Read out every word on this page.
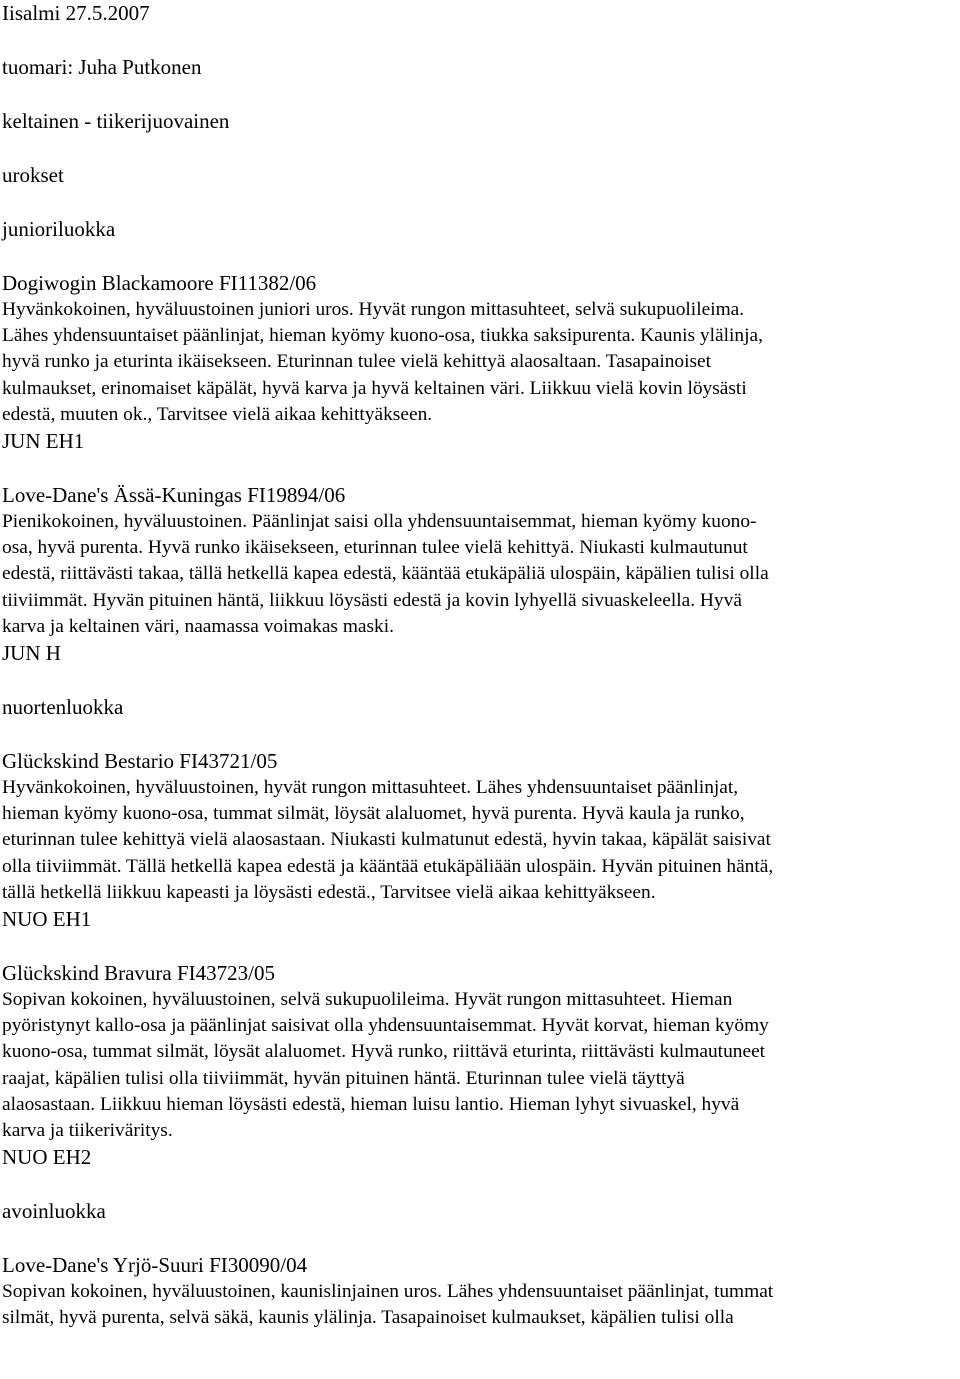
Iisalmi 27.5.2007
tuomari: Juha Putkonen
keltainen - tiikerijuovainen
urokset
junioriluokka
Dogiwogin Blackamoore FI11382/06
Hyvänkokoinen, hyväluustoinen juniori uros. Hyvät rungon mittasuhteet, selvä sukupuolileima.
Lähes yhdensuuntaiset päänlinjat, hieman kyömy kuono-osa, tiukka saksipurenta. Kaunis ylälinja,
hyvä runko ja eturinta ikäisekseen. Eturinnan tulee vielä kehittyä alaosaltaan. Tasapainoiset
kulmaukset, erinomaiset käpälät, hyvä karva ja hyvä keltainen väri. Liikkuu vielä kovin löysästi
edestä, muuten ok., Tarvitsee vielä aikaa kehittyäkseen.
JUN EH1
Love-Dane's Ässä-Kuningas FI19894/06
Pienikokoinen, hyväluustoinen. Päänlinjat saisi olla yhdensuuntaisemmat, hieman kyömy kuono-
osa, hyvä purenta. Hyvä runko ikäisekseen, eturinnan tulee vielä kehittyä. Niukasti kulmautunut
edestä, riittävästi takaa, tällä hetkellä kapea edestä, kääntää etukäpäliä ulospäin, käpälien tulisi olla
tiiviimmät. Hyvän pituinen häntä, liikkuu löysästi edestä ja kovin lyhyellä sivuaskeleella. Hyvä
karva ja keltainen väri, naamassa voimakas maski.
JUN H
nuortenluokka
Glückskind Bestario FI43721/05
Hyvänkokoinen, hyväluustoinen, hyvät rungon mittasuhteet. Lähes yhdensuuntaiset päänlinjat,
hieman kyömy kuono-osa, tummat silmät, löysät alaluomet, hyvä purenta. Hyvä kaula ja runko,
eturinnan tulee kehittyä vielä alaosastaan. Niukasti kulmatunut edestä, hyvin takaa, käpälät saisivat
olla tiiviimmät. Tällä hetkellä kapea edestä ja kääntää etukäpäliään ulospäin. Hyvän pituinen häntä,
tällä hetkellä liikkuu kapeasti ja löysästi edestä., Tarvitsee vielä aikaa kehittyäkseen.
NUO EH1
Glückskind Bravura FI43723/05
Sopivan kokoinen, hyväluustoinen, selvä sukupuolileima. Hyvät rungon mittasuhteet. Hieman
pyöristynyt kallo-osa ja päänlinjat saisivat olla yhdensuuntaisemmat. Hyvät korvat, hieman kyömy
kuono-osa, tummat silmät, löysät alaluomet. Hyvä runko, riittävä eturinta, riittävästi kulmautuneet
raajat, käpälien tulisi olla tiiviimmät, hyvän pituinen häntä. Eturinnan tulee vielä täyttyä
alaosastaan. Liikkuu hieman löysästi edestä, hieman luisu lantio. Hieman lyhyt sivuaskel, hyvä
karva ja tiikeriväritys.
NUO EH2
avoinluokka
Love-Dane's Yrjö-Suuri FI30090/04
Sopivan kokoinen, hyväluustoinen, kaunislinjainen uros. Lähes yhdensuuntaiset päänlinjat, tummat
silmät, hyvä purenta, selvä säkä, kaunis ylälinja. Tasapainoiset kulmaukset, käpälien tulisi olla
